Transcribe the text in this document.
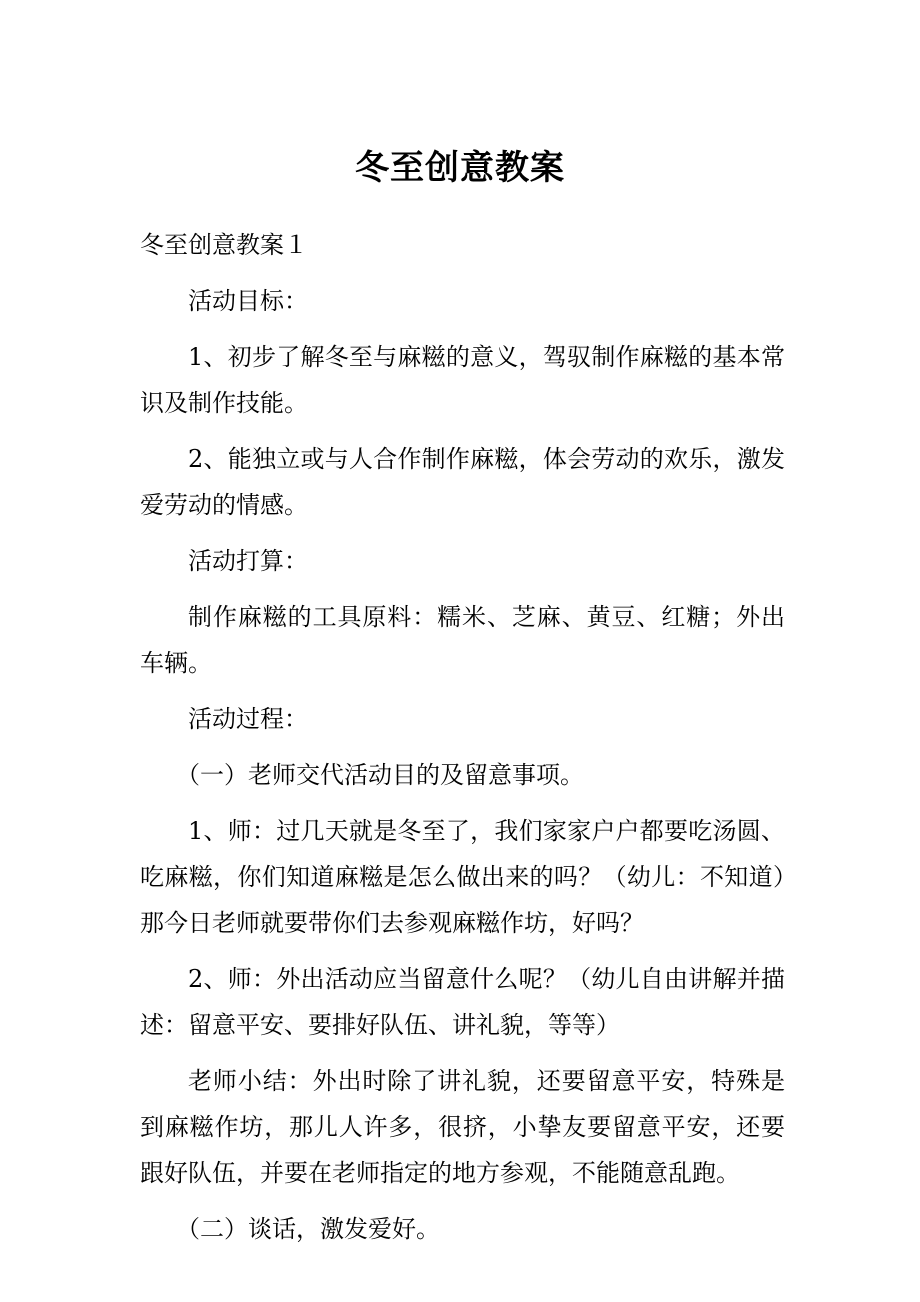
冬至创意教案

冬至创意教案１

活动目标：

1、初步了解冬至与麻糍的意义，驾驭制作麻糍的基本常识及制作技能。

2、能独立或与人合作制作麻糍，体会劳动的欢乐，激发爱劳动的情感。

活动打算：

制作麻糍的工具原料：糯米、芝麻、黄豆、红糖；外出车辆。

活动过程：

（一）老师交代活动目的及留意事项。

1、师：过几天就是冬至了，我们家家户户都要吃汤圆、吃麻糍，你们知道麻糍是怎么做出来的吗？（幼儿：不知道）那今日老师就要带你们去参观麻糍作坊，好吗？

2、师：外出活动应当留意什么呢？（幼儿自由讲解并描述：留意平安、要排好队伍、讲礼貌，等等）

老师小结：外出时除了讲礼貌，还要留意平安，特殊是到麻糍作坊，那儿人许多，很挤，小挚友要留意平安，还要跟好队伍，并要在老师指定的地方参观，不能随意乱跑。

（二）谈话，激发爱好。
